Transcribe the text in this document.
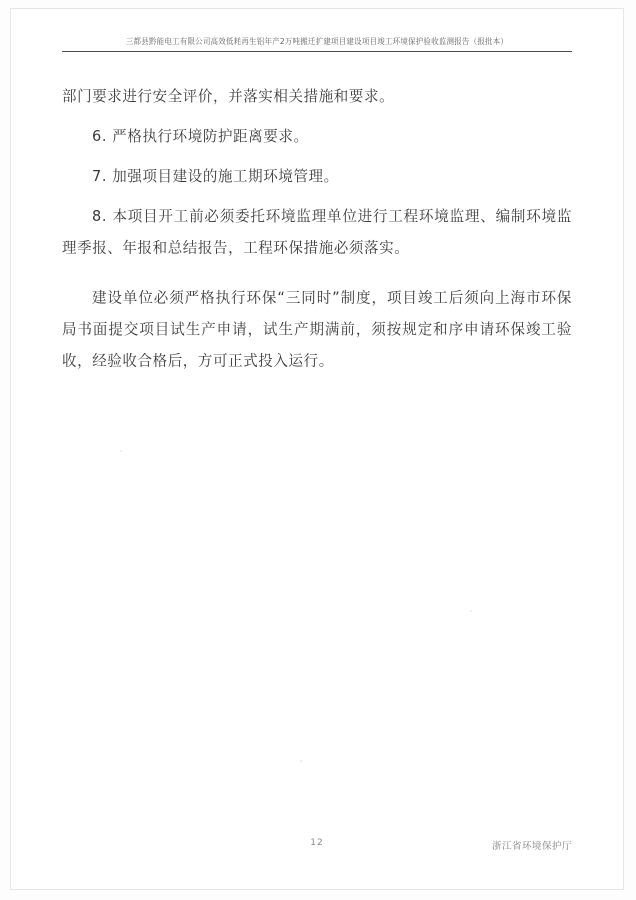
三都县黔能电工有限公司高效低耗再生铝年产2万吨搬迁扩建项目建设项目竣工环境保护验收监测报告（报批本）

部门要求进行安全评价，并落实相关措施和要求。

6. 严格执行环境防护距离要求。

7. 加强项目建设的施工期环境管理。

8. 本项目开工前必须委托环境监理单位进行工程环境监理、编制环境监理季报、年报和总结报告，工程环保措施必须落实。

建设单位必须严格执行环保“三同时”制度，项目竣工后须向上海市环保局书面提交项目试生产申请，试生产期满前，须按规定和序申请环保竣工验收，经验收合格后，方可正式投入运行。

12	浙江省环境保护厅
